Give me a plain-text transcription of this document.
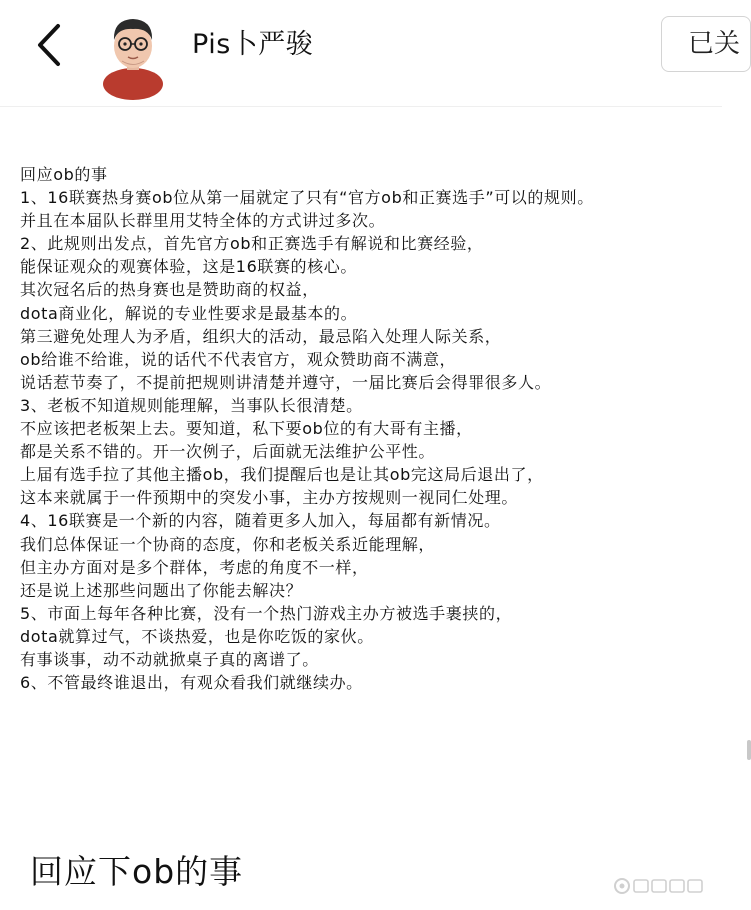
Pis卜严骏	已关
回应ob的事
1、16联赛热身赛ob位从第一届就定了只有“官方ob和正赛选手”可以的规则。
并且在本届队长群里用艾特全体的方式讲过多次。
2、此规则出发点，首先官方ob和正赛选手有解说和比赛经验，
能保证观众的观赛体验，这是16联赛的核心。
其次冠名后的热身赛也是赞助商的权益，
dota商业化，解说的专业性要求是最基本的。
第三避免处理人为矛盾，组织大的活动，最忌陷入处理人际关系，
ob给谁不给谁，说的话代不代表官方，观众赞助商不满意，
说话惹节奏了，不提前把规则讲清楚并遵守，一届比赛后会得罪很多人。
3、老板不知道规则能理解，当事队长很清楚。
不应该把老板架上去。要知道，私下要ob位的有大哥有主播，
都是关系不错的。开一次例子，后面就无法维护公平性。
上届有选手拉了其他主播ob，我们提醒后也是让其ob完这局后退出了，
这本来就属于一件预期中的突发小事，主办方按规则一视同仁处理。
4、16联赛是一个新的内容，随着更多人加入，每届都有新情况。
我们总体保证一个协商的态度，你和老板关系近能理解，
但主办方面对是多个群体，考虑的角度不一样，
还是说上述那些问题出了你能去解决？
5、市面上每年各种比赛，没有一个热门游戏主办方被选手裹挟的，
dota就算过气，不谈热爱，也是你吃饭的家伙。
有事谈事，动不动就掀桌子真的离谱了。
6、不管最终谁退出，有观众看我们就继续办。
回应下ob的事
